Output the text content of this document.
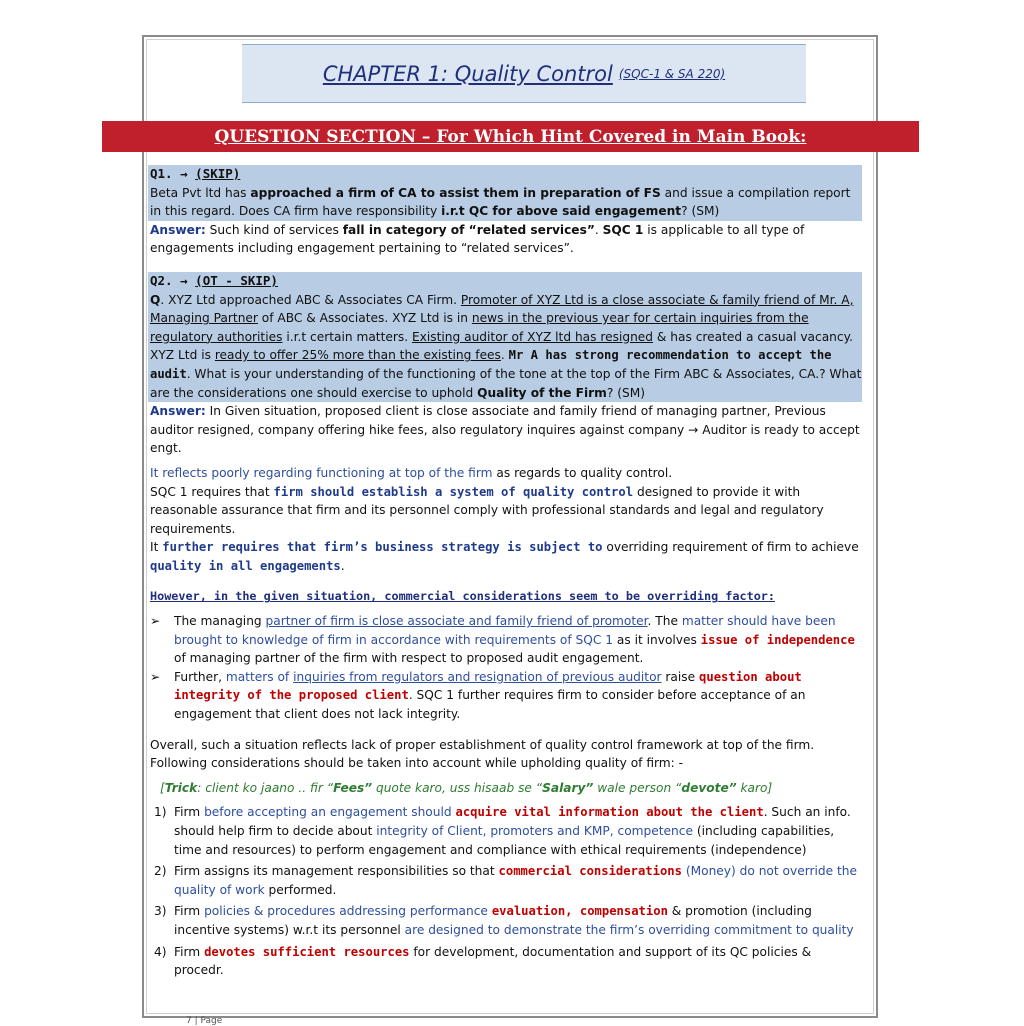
CHAPTER 1: Quality Control (SQC-1 & SA 220)
QUESTION SECTION – For Which Hint Covered in Main Book:

Q1. → (SKIP)

Beta Pvt ltd has approached a firm of CA to assist them in preparation of FS and issue a compilation report in this regard. Does CA firm have responsibility i.r.t QC for above said engagement? (SM)

Answer: Such kind of services fall in category of “related services”. SQC 1 is applicable to all type of engagements including engagement pertaining to “related services”.

Q2. → (OT - SKIP)

Q. XYZ Ltd approached ABC & Associates CA Firm. Promoter of XYZ Ltd is a close associate & family friend of Mr. A, Managing Partner of ABC & Associates. XYZ Ltd is in news in the previous year for certain inquiries from the regulatory authorities i.r.t certain matters. Existing auditor of XYZ ltd has resigned & has created a casual vacancy. XYZ Ltd is ready to offer 25% more than the existing fees. Mr A has strong recommendation to accept the audit. What is your understanding of the functioning of the tone at the top of the Firm ABC & Associates, CA.? What are the considerations one should exercise to uphold Quality of the Firm? (SM)

Answer: In Given situation, proposed client is close associate and family friend of managing partner, Previous auditor resigned, company offering hike fees, also regulatory inquires against company → Auditor is ready to accept engt.

It reflects poorly regarding functioning at top of the firm as regards to quality control.

SQC 1 requires that firm should establish a system of quality control designed to provide it with reasonable assurance that firm and its personnel comply with professional standards and legal and regulatory requirements.

It further requires that firm’s business strategy is subject to overriding requirement of firm to achieve quality in all engagements.

However, in the given situation, commercial considerations seem to be overriding factor:

➢ The managing partner of firm is close associate and family friend of promoter. The matter should have been brought to knowledge of firm in accordance with requirements of SQC 1 as it involves issue of independence of managing partner of the firm with respect to proposed audit engagement.
➢ Further, matters of inquiries from regulators and resignation of previous auditor raise question about integrity of the proposed client. SQC 1 further requires firm to consider before acceptance of an engagement that client does not lack integrity.

Overall, such a situation reflects lack of proper establishment of quality control framework at top of the firm. Following considerations should be taken into account while upholding quality of firm: -

[Trick: client ko jaano .. fir “Fees” quote karo, uss hisaab se “Salary” wale person “devote” karo]

1) Firm before accepting an engagement should acquire vital information about the client. Such an info. should help firm to decide about integrity of Client, promoters and KMP, competence (including capabilities, time and resources) to perform engagement and compliance with ethical requirements (independence)
2) Firm assigns its management responsibilities so that commercial considerations (Money) do not override the quality of work performed.
3) Firm policies & procedures addressing performance evaluation, compensation & promotion (including incentive systems) w.r.t its personnel are designed to demonstrate the firm’s overriding commitment to quality
4) Firm devotes sufficient resources for development, documentation and support of its QC policies & procedr.
7 | Page
